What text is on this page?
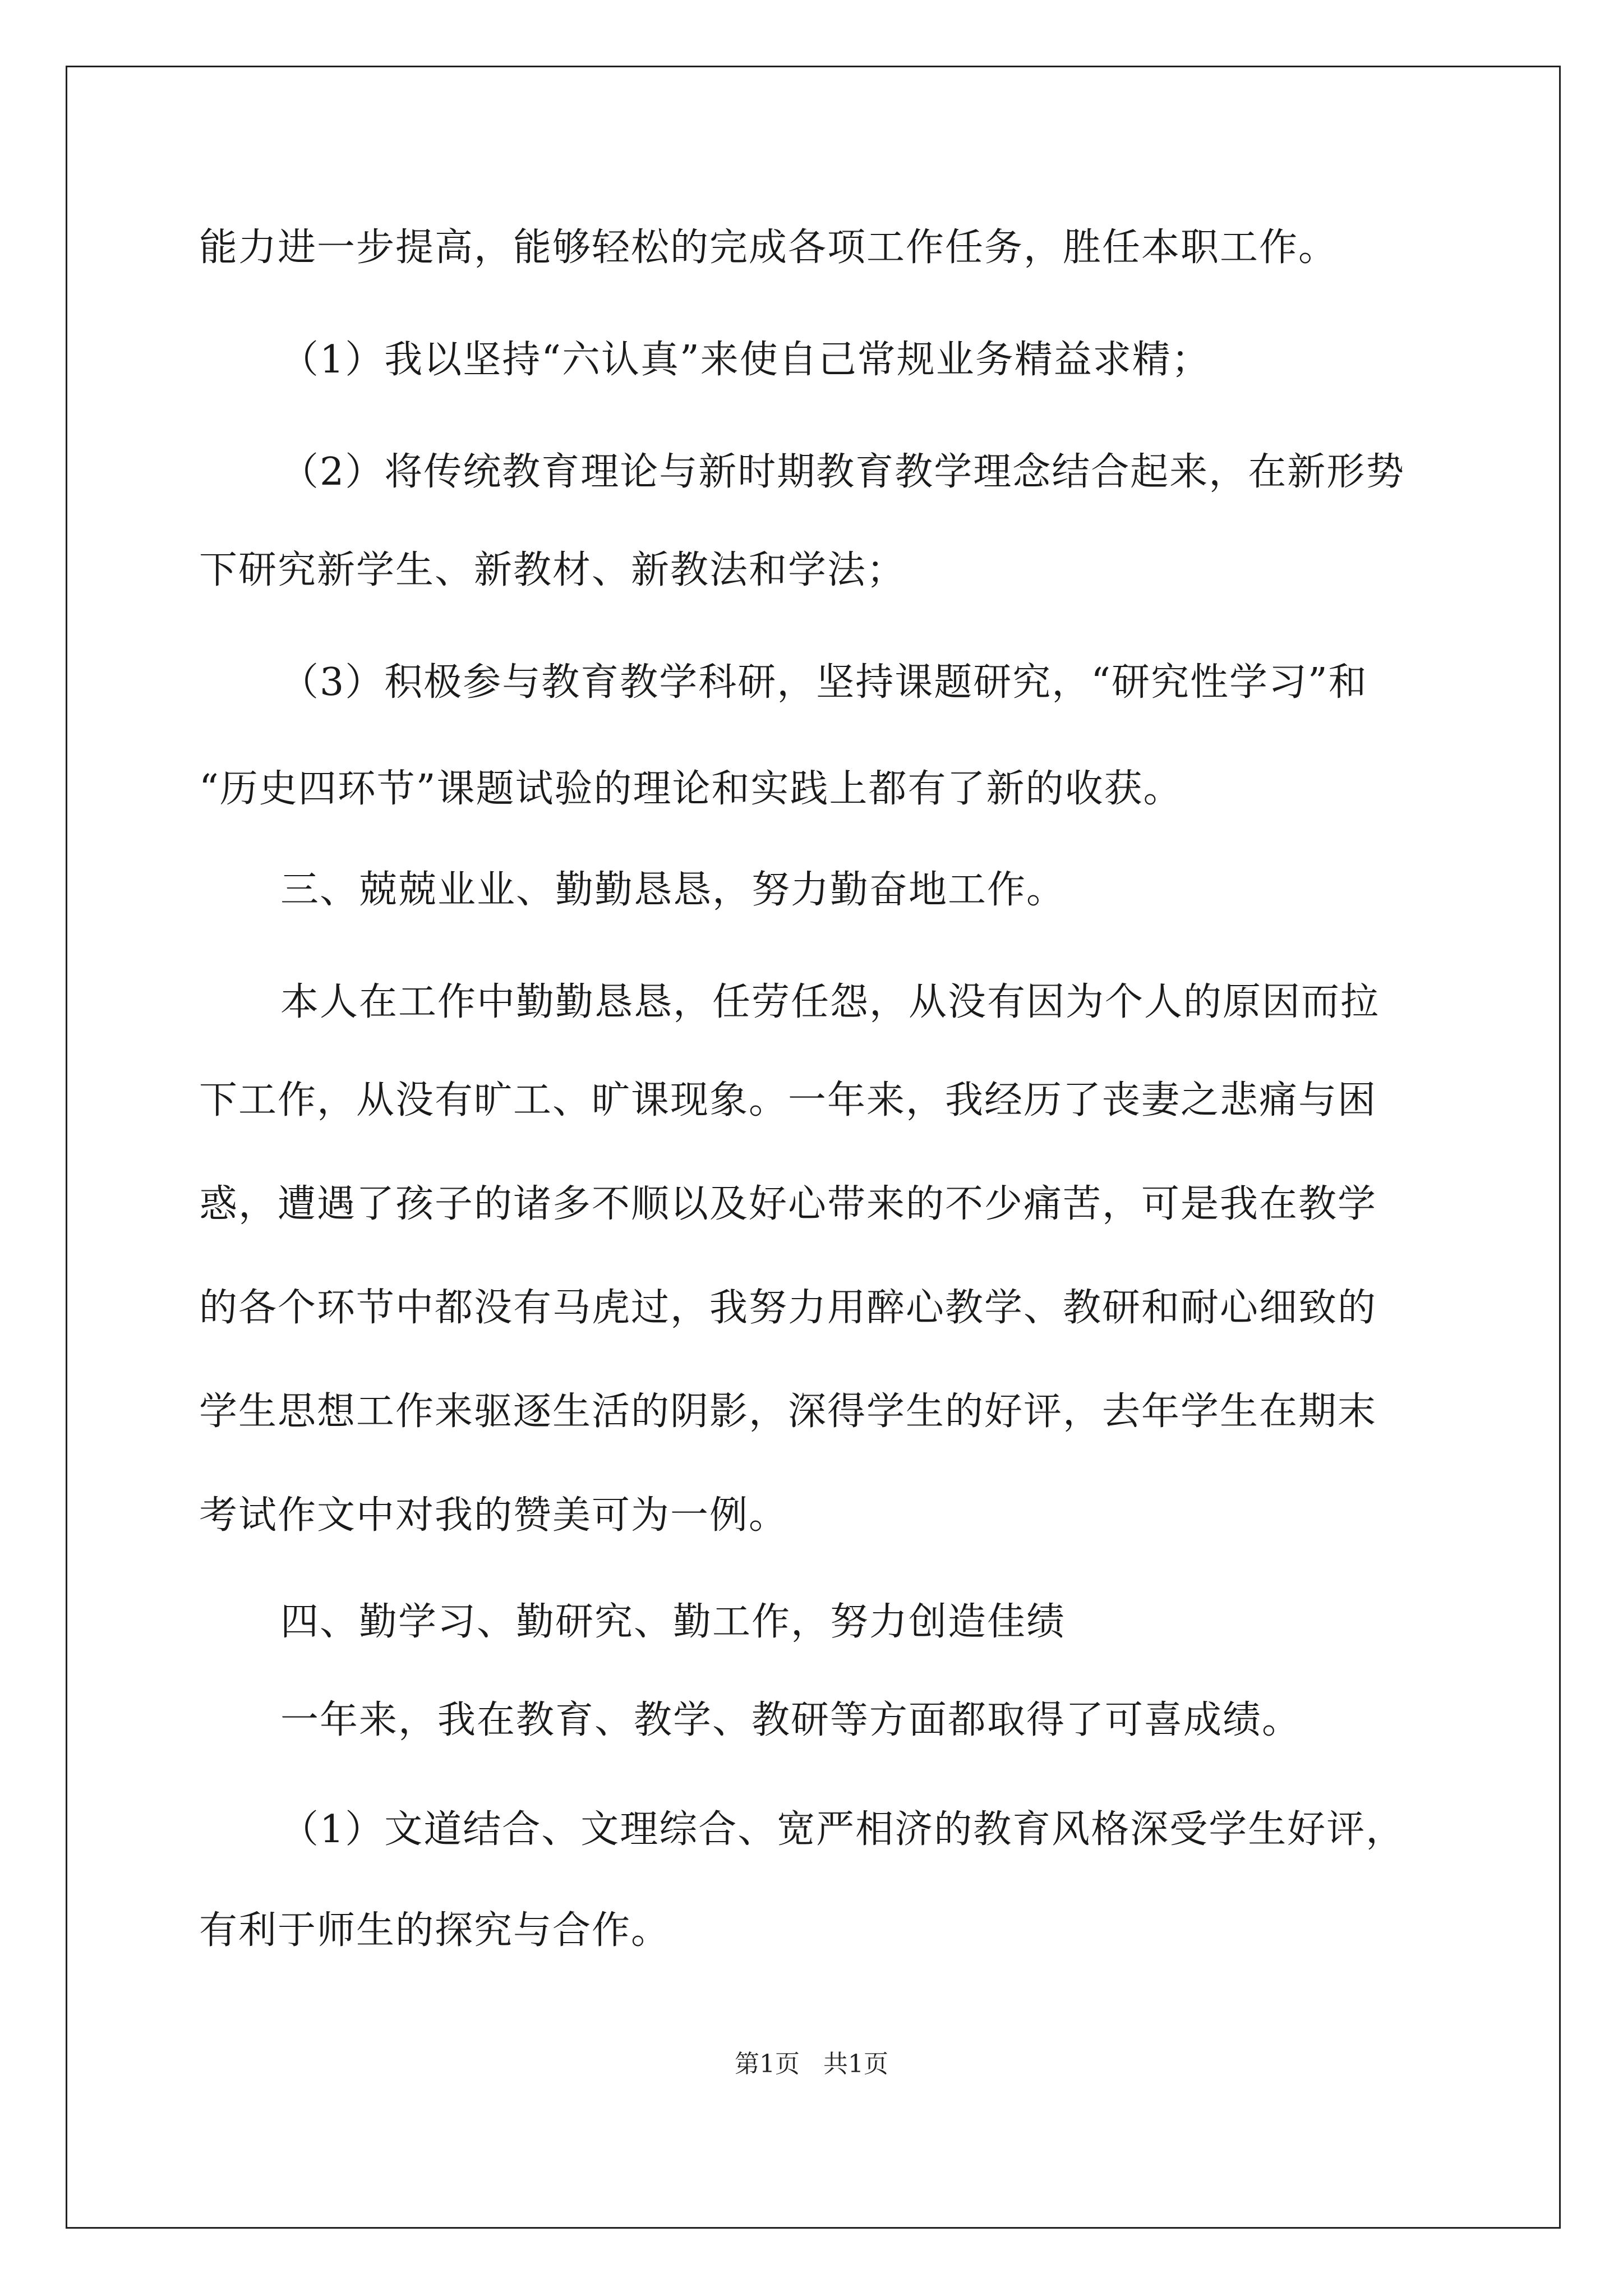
能力进一步提高，能够轻松的完成各项工作任务，胜任本职工作。
（1）我以坚持“六认真”来使自己常规业务精益求精；
（2）将传统教育理论与新时期教育教学理念结合起来，在新形势
下研究新学生、新教材、新教法和学法；
（3）积极参与教育教学科研，坚持课题研究，“研究性学习”和
“历史四环节”课题试验的理论和实践上都有了新的收获。
三、兢兢业业、勤勤恳恳，努力勤奋地工作。
本人在工作中勤勤恳恳，任劳任怨，从没有因为个人的原因而拉
下工作，从没有旷工、旷课现象。一年来，我经历了丧妻之悲痛与困
惑，遭遇了孩子的诸多不顺以及好心带来的不少痛苦，可是我在教学
的各个环节中都没有马虎过，我努力用醉心教学、教研和耐心细致的
学生思想工作来驱逐生活的阴影，深得学生的好评，去年学生在期末
考试作文中对我的赞美可为一例。
四、勤学习、勤研究、勤工作，努力创造佳绩
一年来，我在教育、教学、教研等方面都取得了可喜成绩。
（1）文道结合、文理综合、宽严相济的教育风格深受学生好评，
有利于师生的探究与合作。
第1页   共1页
